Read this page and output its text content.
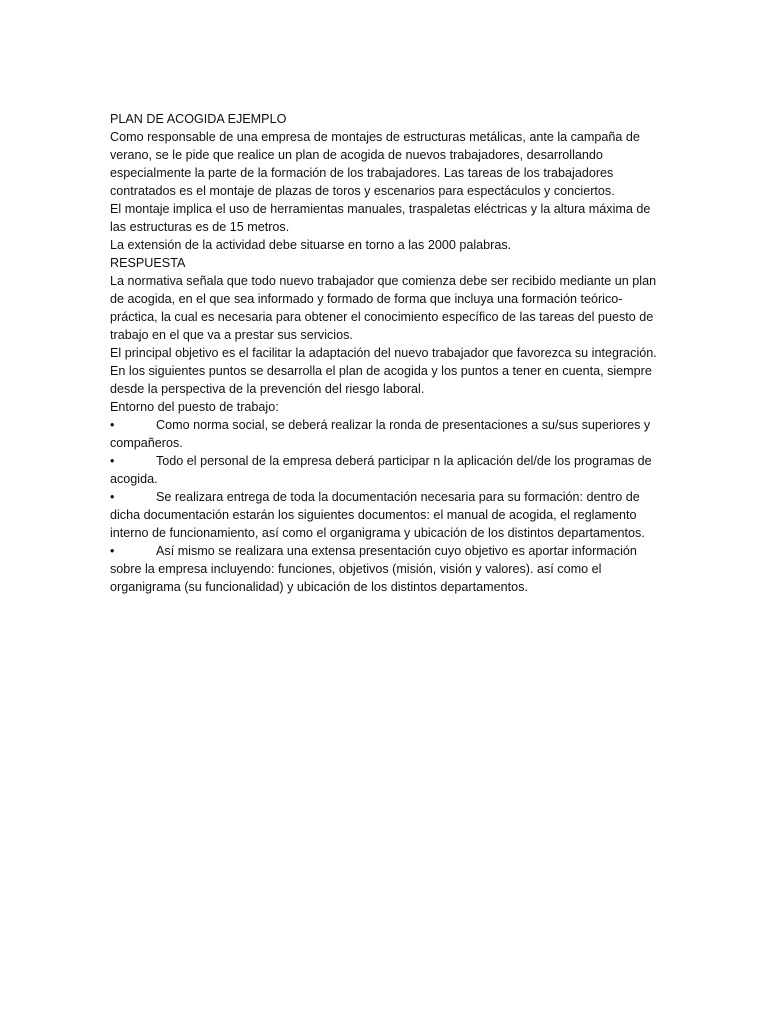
PLAN DE ACOGIDA EJEMPLO

Como responsable de una empresa de montajes de estructuras metálicas, ante la campaña de verano, se le pide que realice un plan de acogida de nuevos trabajadores, desarrollando especialmente la parte de la formación de los trabajadores. Las tareas de los trabajadores contratados es el montaje de plazas de toros y escenarios para espectáculos y conciertos.

El montaje implica el uso de herramientas manuales, traspaletas eléctricas y la altura máxima de las estructuras es de 15 metros.

La extensión de la actividad debe situarse en torno a las 2000 palabras.

RESPUESTA

La normativa señala que todo nuevo trabajador que comienza debe ser recibido mediante un plan de acogida, en el que sea informado y formado de forma que incluya una formación teórico-práctica, la cual es necesaria para obtener el conocimiento específico de las tareas del puesto de trabajo en el que va a prestar sus servicios.

El principal objetivo es el facilitar la adaptación del nuevo trabajador que favorezca su integración. En los siguientes puntos se desarrolla el plan de acogida y los puntos a tener en cuenta, siempre desde la perspectiva de la prevención del riesgo laboral.

Entorno del puesto de trabajo:

•	Como norma social, se deberá realizar la ronda de presentaciones a su/sus superiores y compañeros.

•	Todo el personal de la empresa deberá participar n la aplicación del/de los programas de acogida.

•	Se realizara entrega de toda la documentación necesaria para su formación: dentro de dicha documentación estarán los siguientes documentos: el manual de acogida, el reglamento interno de funcionamiento, así como el organigrama y ubicación de los distintos departamentos.

•	Así mismo se realizara una extensa presentación cuyo objetivo es aportar información sobre la empresa incluyendo: funciones, objetivos (misión, visión y valores). así como el organigrama (su funcionalidad) y ubicación de los distintos departamentos.
